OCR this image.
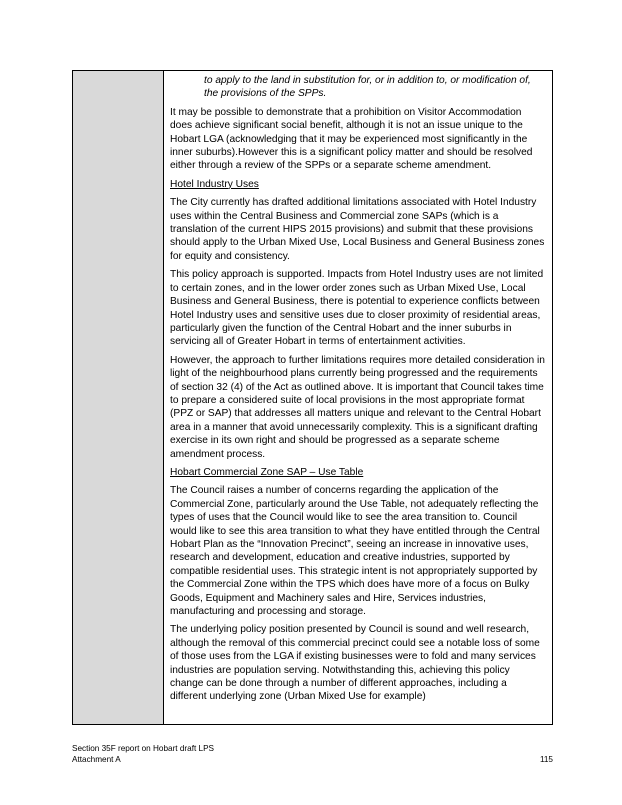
to apply to the land in substitution for, or in addition to, or modification of, the provisions of the SPPs.

It may be possible to demonstrate that a prohibition on Visitor Accommodation does achieve significant social benefit, although it is not an issue unique to the Hobart LGA (acknowledging that it may be experienced most significantly in the inner suburbs).However this is a significant policy matter and should be resolved either through a review of the SPPs or a separate scheme amendment.

Hotel Industry Uses

The City currently has drafted additional limitations associated with Hotel Industry uses within the Central Business and Commercial zone SAPs (which is a translation of the current HIPS 2015 provisions) and submit that these provisions should apply to the Urban Mixed Use, Local Business and General Business zones for equity and consistency.

This policy approach is supported. Impacts from Hotel Industry uses are not limited to certain zones, and in the lower order zones such as Urban Mixed Use, Local Business and General Business, there is potential to experience conflicts between Hotel Industry uses and sensitive uses due to closer proximity of residential areas, particularly given the function of the Central Hobart and the inner suburbs in servicing all of Greater Hobart in terms of entertainment activities.

However, the approach to further limitations requires more detailed consideration in light of the neighbourhood plans currently being progressed and the requirements of section 32 (4) of the Act as outlined above. It is important that Council takes time to prepare a considered suite of local provisions in the most appropriate format (PPZ or SAP) that addresses all matters unique and relevant to the Central Hobart area in a manner that avoid unnecessarily complexity. This is a significant drafting exercise in its own right and should be progressed as a separate scheme amendment process.

Hobart Commercial Zone SAP – Use Table

The Council raises a number of concerns regarding the application of the Commercial Zone, particularly around the Use Table, not adequately reflecting the types of uses that the Council would like to see the area transition to. Council would like to see this area transition to what they have entitled through the Central Hobart Plan as the “Innovation Precinct”, seeing an increase in innovative uses, research and development, education and creative industries, supported by compatible residential uses. This strategic intent is not appropriately supported by the Commercial Zone within the TPS which does have more of a focus on Bulky Goods, Equipment and Machinery sales and Hire, Services industries, manufacturing and processing and storage.

The underlying policy position presented by Council is sound and well research, although the removal of this commercial precinct could see a notable loss of some of those uses from the LGA if existing businesses were to fold and many services industries are population serving. Notwithstanding this, achieving this policy change can be done through a number of different approaches, including a different underlying zone (Urban Mixed Use for example)

Section 35F report on Hobart draft LPS
Attachment A	115
